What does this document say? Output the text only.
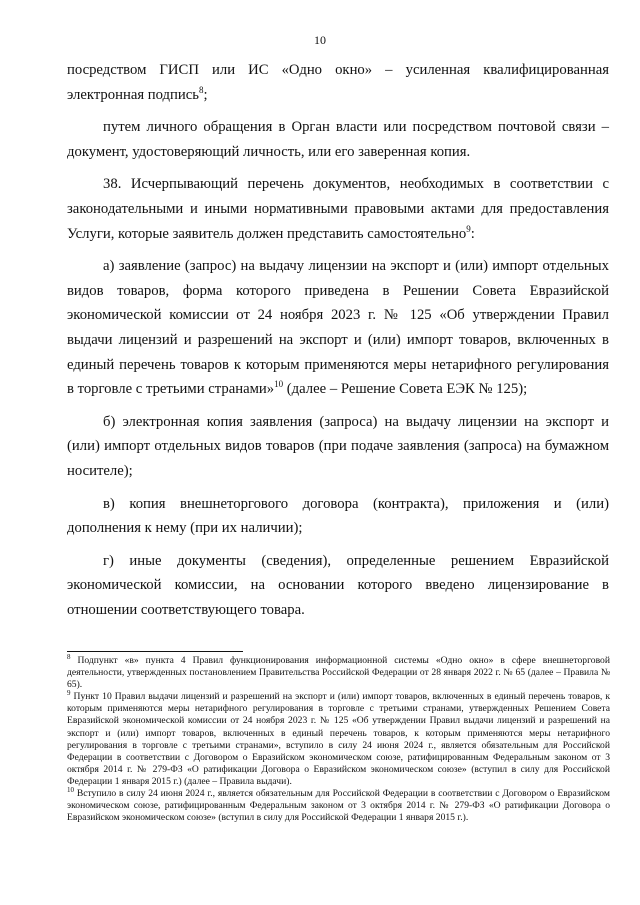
10

посредством ГИСП или ИС «Одно окно» – усиленная квалифицированная электронная подпись$^8$;

путем личного обращения в Орган власти или посредством почтовой связи – документ, удостоверяющий личность, или его заверенная копия.

38. Исчерпывающий перечень документов, необходимых в соответствии с законодательными и иными нормативными правовыми актами для предоставления Услуги, которые заявитель должен представить самостоятельно$^9$:

а) заявление (запрос) на выдачу лицензии на экспорт и (или) импорт отдельных видов товаров, форма которого приведена в Решении Совета Евразийской экономической комиссии от 24 ноября 2023 г. № 125 «Об утверждении Правил выдачи лицензий и разрешений на экспорт и (или) импорт товаров, включенных в единый перечень товаров к которым применяются меры нетарифного регулирования в торговле с третьими странами»$^{10}$ (далее – Решение Совета ЕЭК № 125);

б) электронная копия заявления (запроса) на выдачу лицензии на экспорт и (или) импорт отдельных видов товаров (при подаче заявления (запроса) на бумажном носителе);

в) копия внешнеторгового договора (контракта), приложения и (или) дополнения к нему (при их наличии);

г) иные документы (сведения), определенные решением Евразийской экономической комиссии, на основании которого введено лицензирование в отношении соответствующего товара.

$^8$ Подпункт «в» пункта 4 Правил функционирования информационной системы «Одно окно» в сфере внешнеторговой деятельности, утвержденных постановлением Правительства Российской Федерации от 28 января 2022 г. № 65 (далее – Правила № 65).

$^9$ Пункт 10 Правил выдачи лицензий и разрешений на экспорт и (или) импорт товаров, включенных в единый перечень товаров, к которым применяются меры нетарифного регулирования в торговле с третьими странами, утвержденных Решением Совета Евразийской экономической комиссии от 24 ноября 2023 г. № 125 «Об утверждении Правил выдачи лицензий и разрешений на экспорт и (или) импорт товаров, включенных в единый перечень товаров, к которым применяются меры нетарифного регулирования в торговле с третьими странами», вступило в силу 24 июня 2024 г., является обязательным для Российской Федерации в соответствии с Договором о Евразийском экономическом союзе, ратифицированным Федеральным законом от 3 октября 2014 г. № 279-ФЗ «О ратификации Договора о Евразийском экономическом союзе» (вступил в силу для Российской Федерации 1 января 2015 г.) (далее – Правила выдачи).

$^{10}$ Вступило в силу 24 июня 2024 г., является обязательным для Российской Федерации в соответствии с Договором о Евразийском экономическом союзе, ратифицированным Федеральным законом от 3 октября 2014 г. № 279-ФЗ «О ратификации Договора о Евразийском экономическом союзе» (вступил в силу для Российской Федерации 1 января 2015 г.).
